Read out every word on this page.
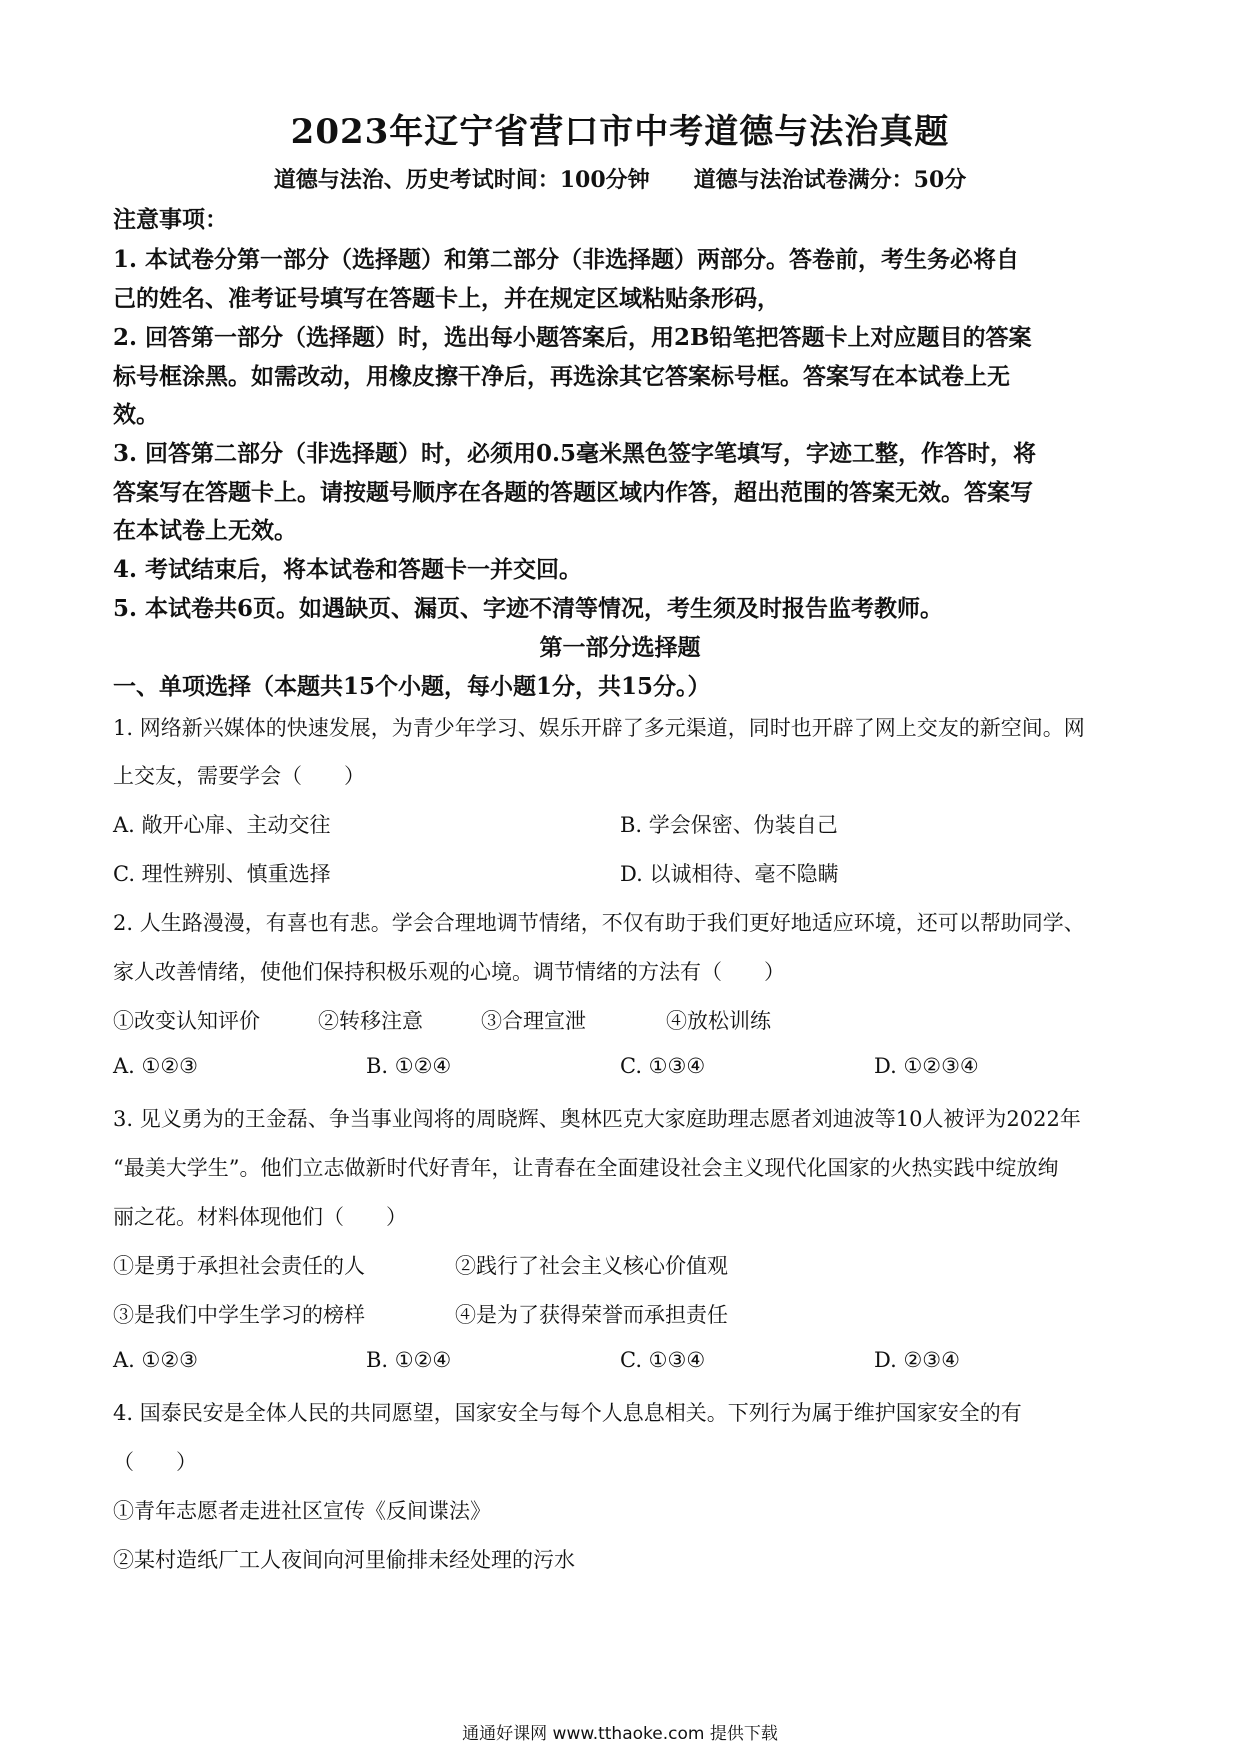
2023年辽宁省营口市中考道德与法治真题
道德与法治、历史考试时间：100分钟 道德与法治试卷满分：50分
注意事项：
1. 本试卷分第一部分（选择题）和第二部分（非选择题）两部分。答卷前，考生务必将自
己的姓名、准考证号填写在答题卡上，并在规定区域粘贴条形码，
2. 回答第一部分（选择题）时，选出每小题答案后，用2B铅笔把答题卡上对应题目的答案
标号框涂黑。如需改动，用橡皮擦干净后，再选涂其它答案标号框。答案写在本试卷上无
效。
3. 回答第二部分（非选择题）时，必须用0.5毫米黑色签字笔填写，字迹工整，作答时，将
答案写在答题卡上。请按题号顺序在各题的答题区域内作答，超出范围的答案无效。答案写
在本试卷上无效。
4. 考试结束后，将本试卷和答题卡一并交回。
5. 本试卷共6页。如遇缺页、漏页、字迹不清等情况，考生须及时报告监考教师。
第一部分选择题
一、单项选择（本题共15个小题，每小题1分，共15分。）
1. 网络新兴媒体的快速发展，为青少年学习、娱乐开辟了多元渠道，同时也开辟了网上交友的新空间。网
上交友，需要学会（　　）
A. 敞开心扉、主动交往	B. 学会保密、伪装自己
C. 理性辨别、慎重选择	D. 以诚相待、毫不隐瞒
2. 人生路漫漫，有喜也有悲。学会合理地调节情绪，不仅有助于我们更好地适应环境，还可以帮助同学、
家人改善情绪，使他们保持积极乐观的心境。调节情绪的方法有（　　）
①改变认知评价	②转移注意	③合理宣泄	④放松训练
A. ①②③	B. ①②④	C. ①③④	D. ①②③④
3. 见义勇为的王金磊、争当事业闯将的周晓辉、奥林匹克大家庭助理志愿者刘迪波等10人被评为2022年
“最美大学生”。他们立志做新时代好青年，让青春在全面建设社会主义现代化国家的火热实践中绽放绚
丽之花。材料体现他们（　　）
①是勇于承担社会责任的人	②践行了社会主义核心价值观
③是我们中学生学习的榜样	④是为了获得荣誉而承担责任
A. ①②③	B. ①②④	C. ①③④	D. ②③④
4. 国泰民安是全体人民的共同愿望，国家安全与每个人息息相关。下列行为属于维护国家安全的有
（　　）
①青年志愿者走进社区宣传《反间谍法》
②某村造纸厂工人夜间向河里偷排未经处理的污水
通通好课网 www.tthaoke.com 提供下载
